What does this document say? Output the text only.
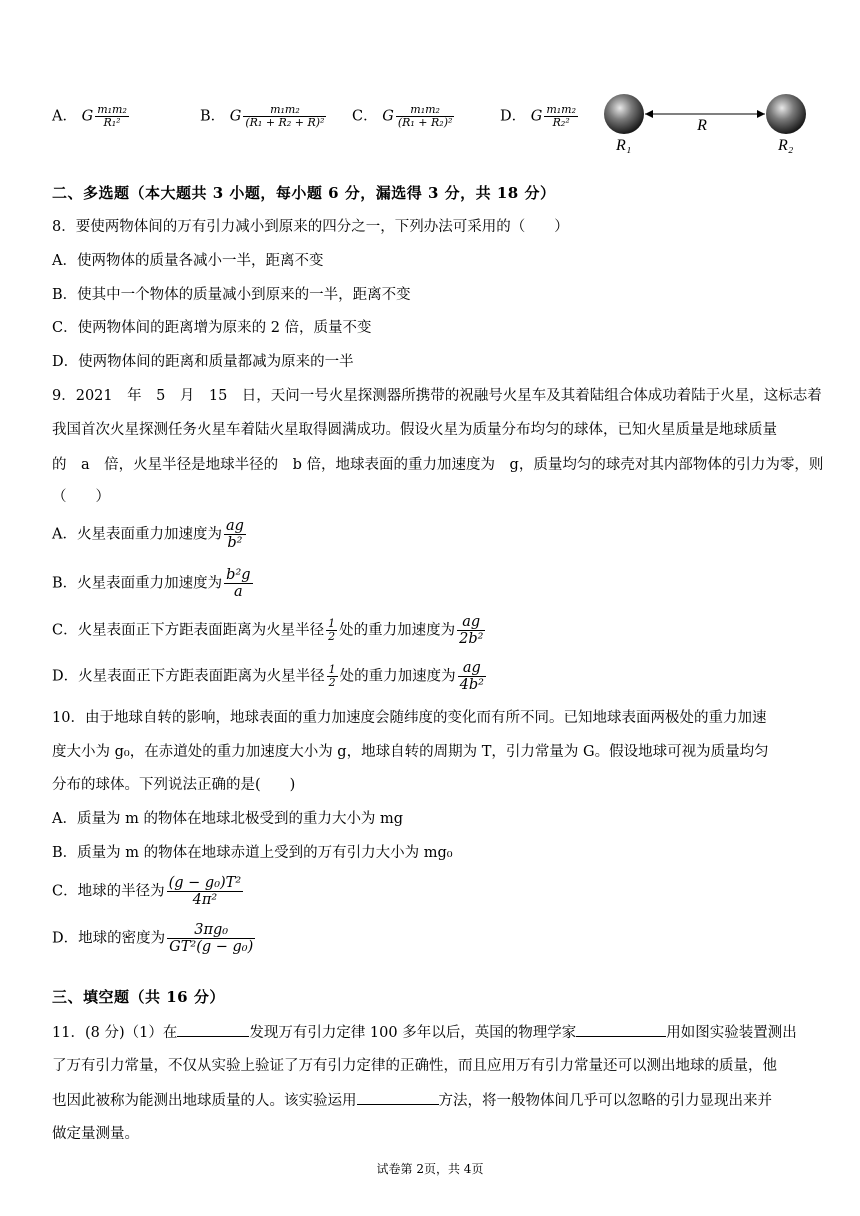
A． G $\frac{\text{m₁m₂}}{\text{R₁²}}$	B． G $\frac{\text{m₁m₂}}{\text{(R₁ + R₂ + R)²}}$ C． G $\frac{\text{m₁m₂}}{\text{(R₁ + R₂)²}}$	D． G $\frac{\text{m₁m₂}}{\text{R₂²}}$	R
R₁	R₂
二、多选题（本大题共 3 小题，每小题 6 分，漏选得 3 分，共 18 分）
8．要使两物体间的万有引力减小到原来的四分之一，下列办法可采用的（　　）
A．使两物体的质量各减小一半，距离不变
B．使其中一个物体的质量减小到原来的一半，距离不变
C．使两物体间的距离增为原来的 2 倍，质量不变
D．使两物体间的距离和质量都减为原来的一半
9．2021　年　5　月　15　日，天问一号火星探测器所携带的祝融号火星车及其着陆组合体成功着陆于火星，这标志着
我国首次火星探测任务火星车着陆火星取得圆满成功。假设火星为质量分布均匀的球体，已知火星质量是地球质量
的　a　倍，火星半径是地球半径的　b 倍，地球表面的重力加速度为　g，质量均匀的球壳对其内部物体的引力为零，则
（　　）
A．火星表面重力加速度为 $\frac{ag}{\text{b²}}$
B．火星表面重力加速度为 $\frac{\text{b²g}}{a}$
C．火星表面正下方距表面距离为火星半径 $\frac{1}{2}$ 处的重力加速度为 $\frac{ag}{\text{2b²}}$
D．火星表面正下方距表面距离为火星半径 $\frac{1}{2}$ 处的重力加速度为 $\frac{ag}{\text{4b²}}$
10．由于地球自转的影响，地球表面的重力加速度会随纬度的变化而有所不同。已知地球表面两极处的重力加速
度大小为 g₀，在赤道处的重力加速度大小为 g，地球自转的周期为 T，引力常量为 G。假设地球可视为质量均匀
分布的球体。下列说法正确的是(　　)
A．质量为 m 的物体在地球北极受到的重力大小为 mg
B．质量为 m 的物体在地球赤道上受到的万有引力大小为 mg₀
C．地球的半径为 $\frac{\text{(g − g₀)T²}}{\text{4π²}}$
D．地球的密度为 $\frac{\text{3πg₀}}{\text{GT²(g − g₀)}}$
三、填空题（共 16 分）
11．(8 分)（1）在	发现万有引力定律 100 多年以后，英国的物理学家	用如图实验装置测出
了万有引力常量，不仅从实验上验证了万有引力定律的正确性，而且应用万有引力常量还可以测出地球的质量，他
也因此被称为能测出地球质量的人。该实验运用	方法，将一般物体间几乎可以忽略的引力显现出来并
做定量测量。
试卷第 2页，共 4页
